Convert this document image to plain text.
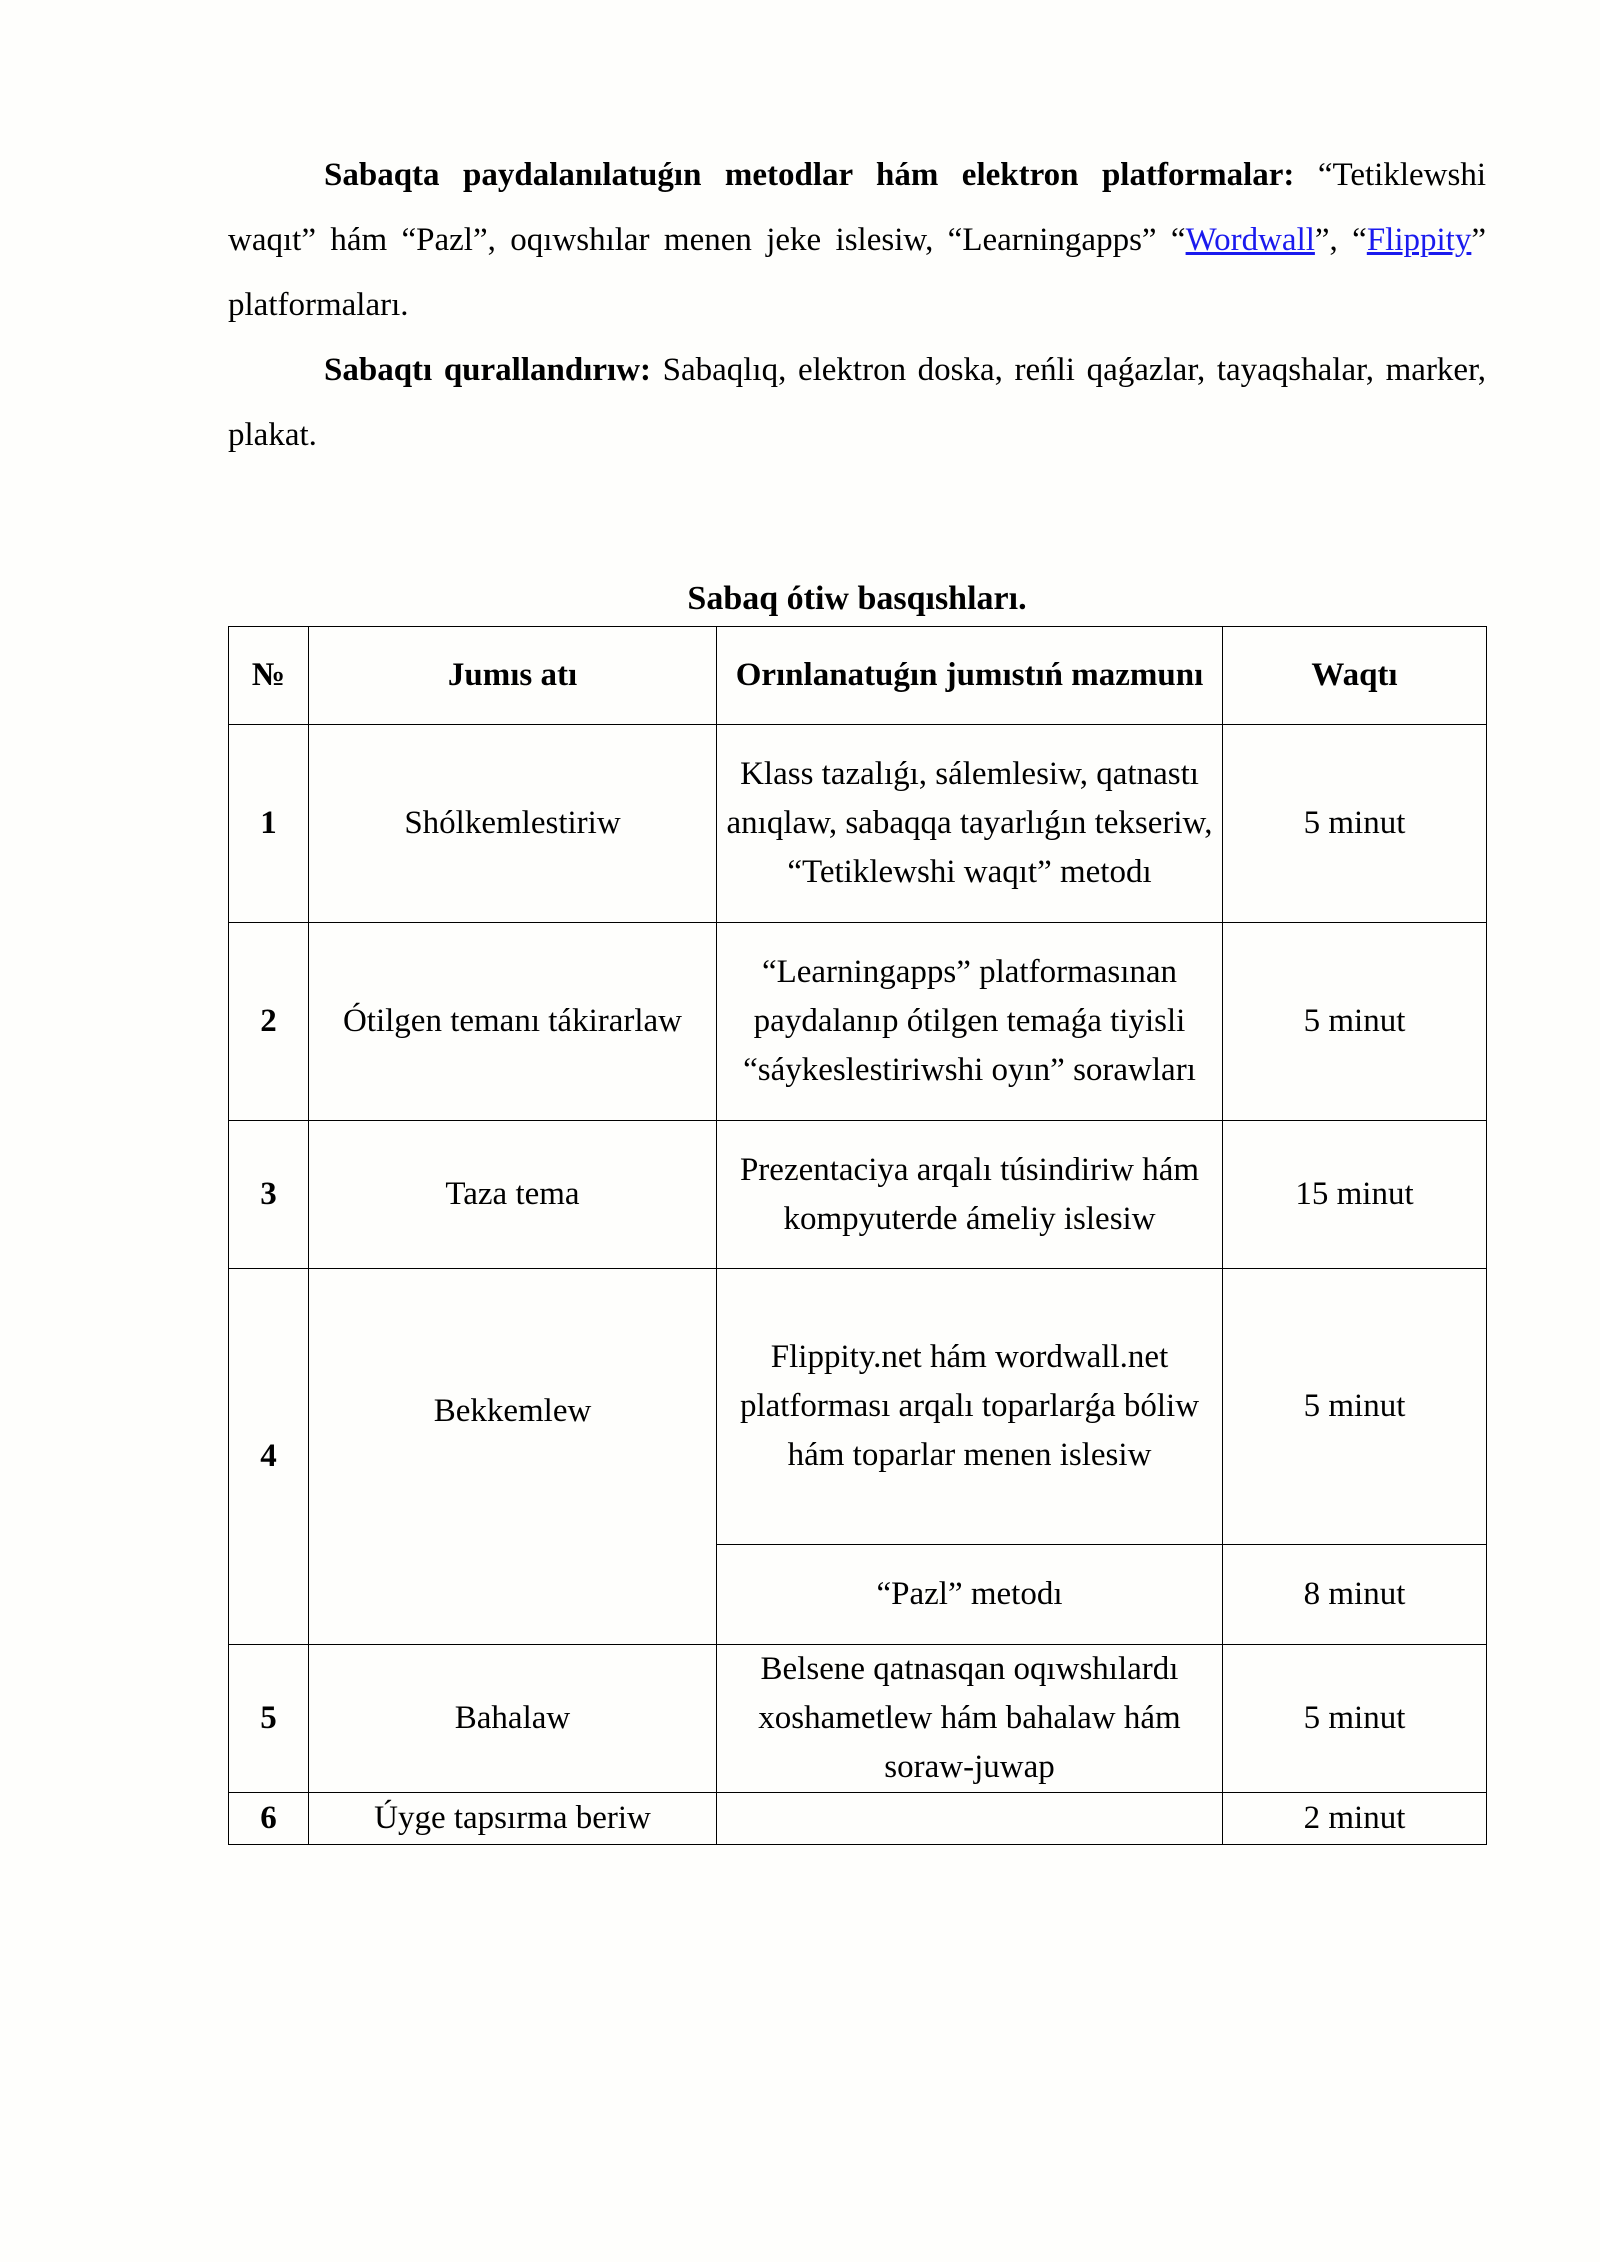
Sabaqta paydalanılatuǵın metodlar hám elektron platformalar: “Tetiklewshi waqıt” hám “Pazl”, oqıwshılar menen jeke islesiw, “Learningapps” “Wordwall”, “Flippity” platformaları.

Sabaqtı qurallandırıw: Sabaqlıq, elektron doska, reńli qaǵazlar, tayaqshalar, marker, plakat.

Sabaq ótiw basqıshları.
№	Jumıs atı	Orınlanatuǵın jumıstıń mazmunı	Waqtı
1	Shólkemlestiriw	Klass tazalıǵı, sálemlesiw, qatnastı anıqlaw, sabaqqa tayarlıǵın tekseriw, “Tetiklewshi waqıt” metodı	5 minut
2	Ótilgen temanı tákirarlaw	“Learningapps” platformasınan paydalanıp ótilgen temaǵa tiyisli “sáykeslestiriwshi oyın” sorawları	5 minut
3	Taza tema	Prezentaciya arqalı túsindiriw hám kompyuterde ámeliy islesiw	15 minut
4	Bekkemlew	Flippity.net hám wordwall.net platforması arqalı toparlarǵa bóliw hám toparlar menen islesiw	5 minut
		“Pazl” metodı	8 minut
5	Bahalaw	Belsene qatnasqan oqıwshılardı xoshametlew hám bahalaw hám soraw-juwap	5 minut
6	Úyge tapsırma beriw		2 minut
